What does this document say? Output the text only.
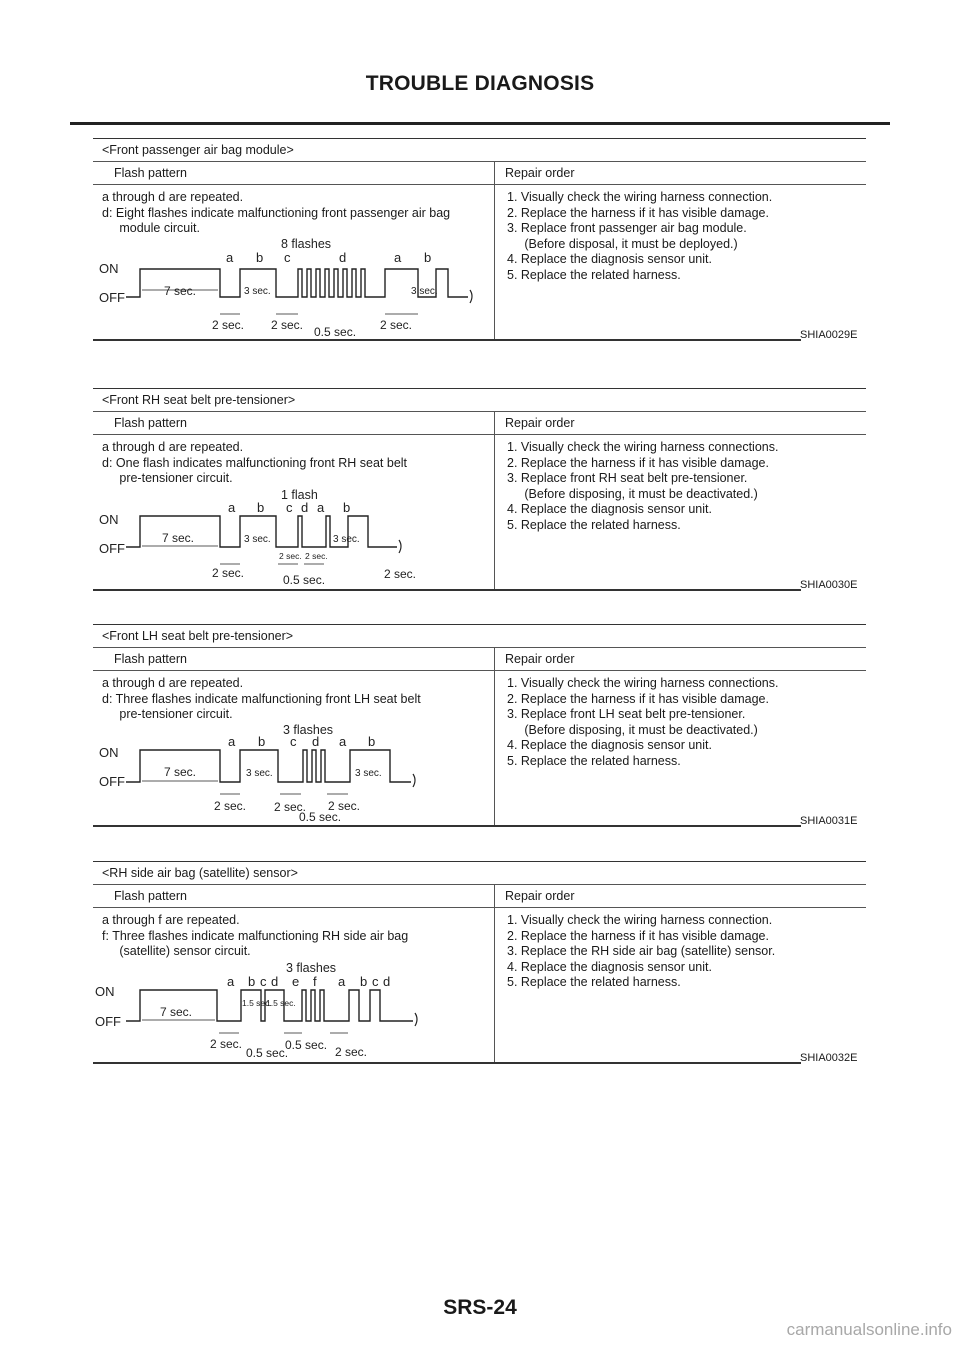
TROUBLE DIAGNOSIS
<Front passenger air bag module>
Flash pattern	Repair order
a through d are repeated.
d: Eight flashes indicate malfunctioning front passenger air bag
module circuit.
1. Visually check the wiring harness connection.
2. Replace the harness if it has visible damage.
3. Replace front passenger air bag module.
(Before disposal, it must be deployed.)
4. Replace the diagnosis sensor unit.
5. Replace the related harness.
SHIA0029E
ON
OFF
8 flashes
a b c	d	a b
7 sec.	3 sec.	3 sec.
2 sec. 2 sec.	2 sec.
0.5 sec.
<Front RH seat belt pre-tensioner>
Flash pattern	Repair order
a through d are repeated.
d: One flash indicates malfunctioning front RH seat belt
pre-tensioner circuit.
1. Visually check the wiring harness connections.
2. Replace the harness if it has visible damage.
3. Replace front RH seat belt pre-tensioner.
(Before disposing, it must be deactivated.)
4. Replace the diagnosis sensor unit.
5. Replace the related harness.
SHIA0030E
ON
OFF
1 flash
a b c d a b
7 sec.	3 sec.	3 sec.
2 sec. 2 sec.
2 sec.	2 sec.
0.5 sec.
<Front LH seat belt pre-tensioner>
Flash pattern	Repair order
a through d are repeated.
d: Three flashes indicate malfunctioning front LH seat belt
pre-tensioner circuit.
1. Visually check the wiring harness connections.
2. Replace the harness if it has visible damage.
3. Replace front LH seat belt pre-tensioner.
(Before disposing, it must be deactivated.)
4. Replace the diagnosis sensor unit.
5. Replace the related harness.
SHIA0031E
ON
OFF
3 flashes
a b c d a b
7 sec.	3 sec.	3 sec.
2 sec. 2 sec. 2 sec.
0.5 sec.
<RH side air bag (satellite) sensor>
Flash pattern	Repair order
a through f are repeated.
f: Three flashes indicate malfunctioning RH side air bag
(satellite) sensor circuit.
1. Visually check the wiring harness connection.
2. Replace the harness if it has visible damage.
3. Replace the RH side air bag (satellite) sensor.
4. Replace the diagnosis sensor unit.
5. Replace the related harness.
SHIA0032E
ON
OFF
3 flashes
a b c d e f a b c d
7 sec.
1.5 sec.
1.5 sec.
2 sec.
2 sec.
0.5 sec.
0.5 sec.
SRS-24
carmanualsonline.info
